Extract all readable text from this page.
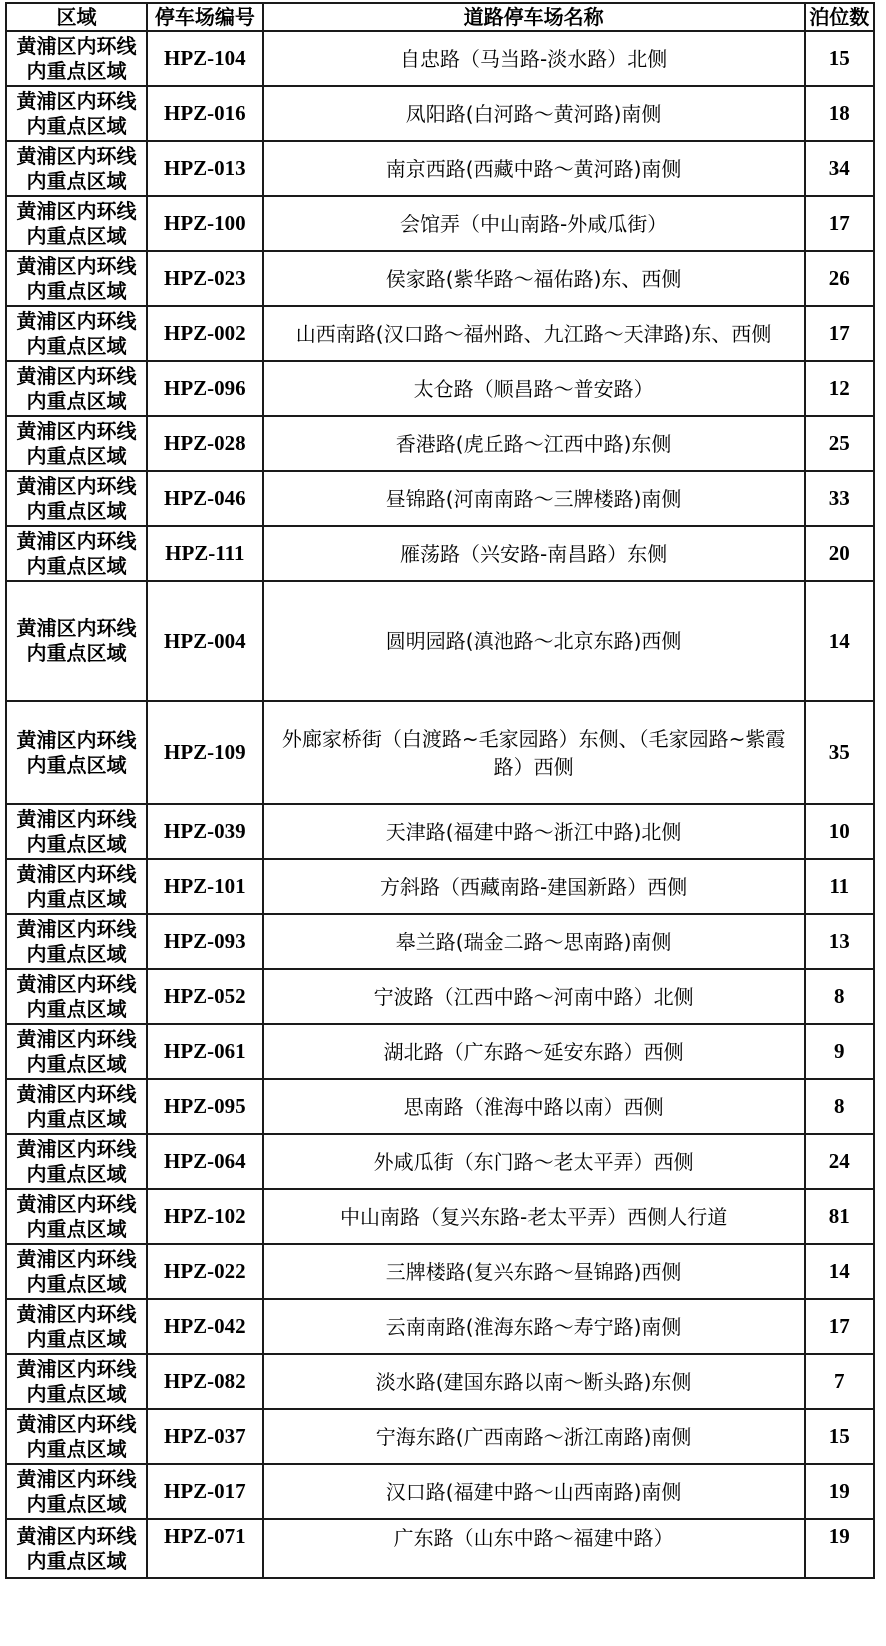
区域	停车场编号	道路停车场名称	泊位数
黄浦区内环线内重点区域	HPZ-104	自忠路（马当路-淡水路）北侧	15
黄浦区内环线内重点区域	HPZ-016	凤阳路(白河路～黄河路)南侧	18
黄浦区内环线内重点区域	HPZ-013	南京西路(西藏中路～黄河路)南侧	34
黄浦区内环线内重点区域	HPZ-100	会馆弄（中山南路-外咸瓜街）	17
黄浦区内环线内重点区域	HPZ-023	侯家路(紫华路～福佑路)东、西侧	26
黄浦区内环线内重点区域	HPZ-002	山西南路(汉口路～福州路、九江路～天津路)东、西侧	17
黄浦区内环线内重点区域	HPZ-096	太仓路（顺昌路～普安路）	12
黄浦区内环线内重点区域	HPZ-028	香港路(虎丘路～江西中路)东侧	25
黄浦区内环线内重点区域	HPZ-046	昼锦路(河南南路～三牌楼路)南侧	33
黄浦区内环线内重点区域	HPZ-111	雁荡路（兴安路-南昌路）东侧	20
黄浦区内环线内重点区域	HPZ-004	圆明园路(滇池路～北京东路)西侧	14
黄浦区内环线内重点区域	HPZ-109	外廊家桥街（白渡路~毛家园路）东侧、（毛家园路~紫霞路）西侧	35
黄浦区内环线内重点区域	HPZ-039	天津路(福建中路～浙江中路)北侧	10
黄浦区内环线内重点区域	HPZ-101	方斜路（西藏南路-建国新路）西侧	11
黄浦区内环线内重点区域	HPZ-093	皋兰路(瑞金二路～思南路)南侧	13
黄浦区内环线内重点区域	HPZ-052	宁波路（江西中路～河南中路）北侧	8
黄浦区内环线内重点区域	HPZ-061	湖北路（广东路～延安东路）西侧	9
黄浦区内环线内重点区域	HPZ-095	思南路（淮海中路以南）西侧	8
黄浦区内环线内重点区域	HPZ-064	外咸瓜街（东门路～老太平弄）西侧	24
黄浦区内环线内重点区域	HPZ-102	中山南路（复兴东路-老太平弄）西侧人行道	81
黄浦区内环线内重点区域	HPZ-022	三牌楼路(复兴东路～昼锦路)西侧	14
黄浦区内环线内重点区域	HPZ-042	云南南路(淮海东路～寿宁路)南侧	17
黄浦区内环线内重点区域	HPZ-082	淡水路(建国东路以南～断头路)东侧	7
黄浦区内环线内重点区域	HPZ-037	宁海东路(广西南路～浙江南路)南侧	15
黄浦区内环线内重点区域	HPZ-017	汉口路(福建中路～山西南路)南侧	19
黄浦区内环线内重点区域	HPZ-071	广东路（山东中路～福建中路）	19
